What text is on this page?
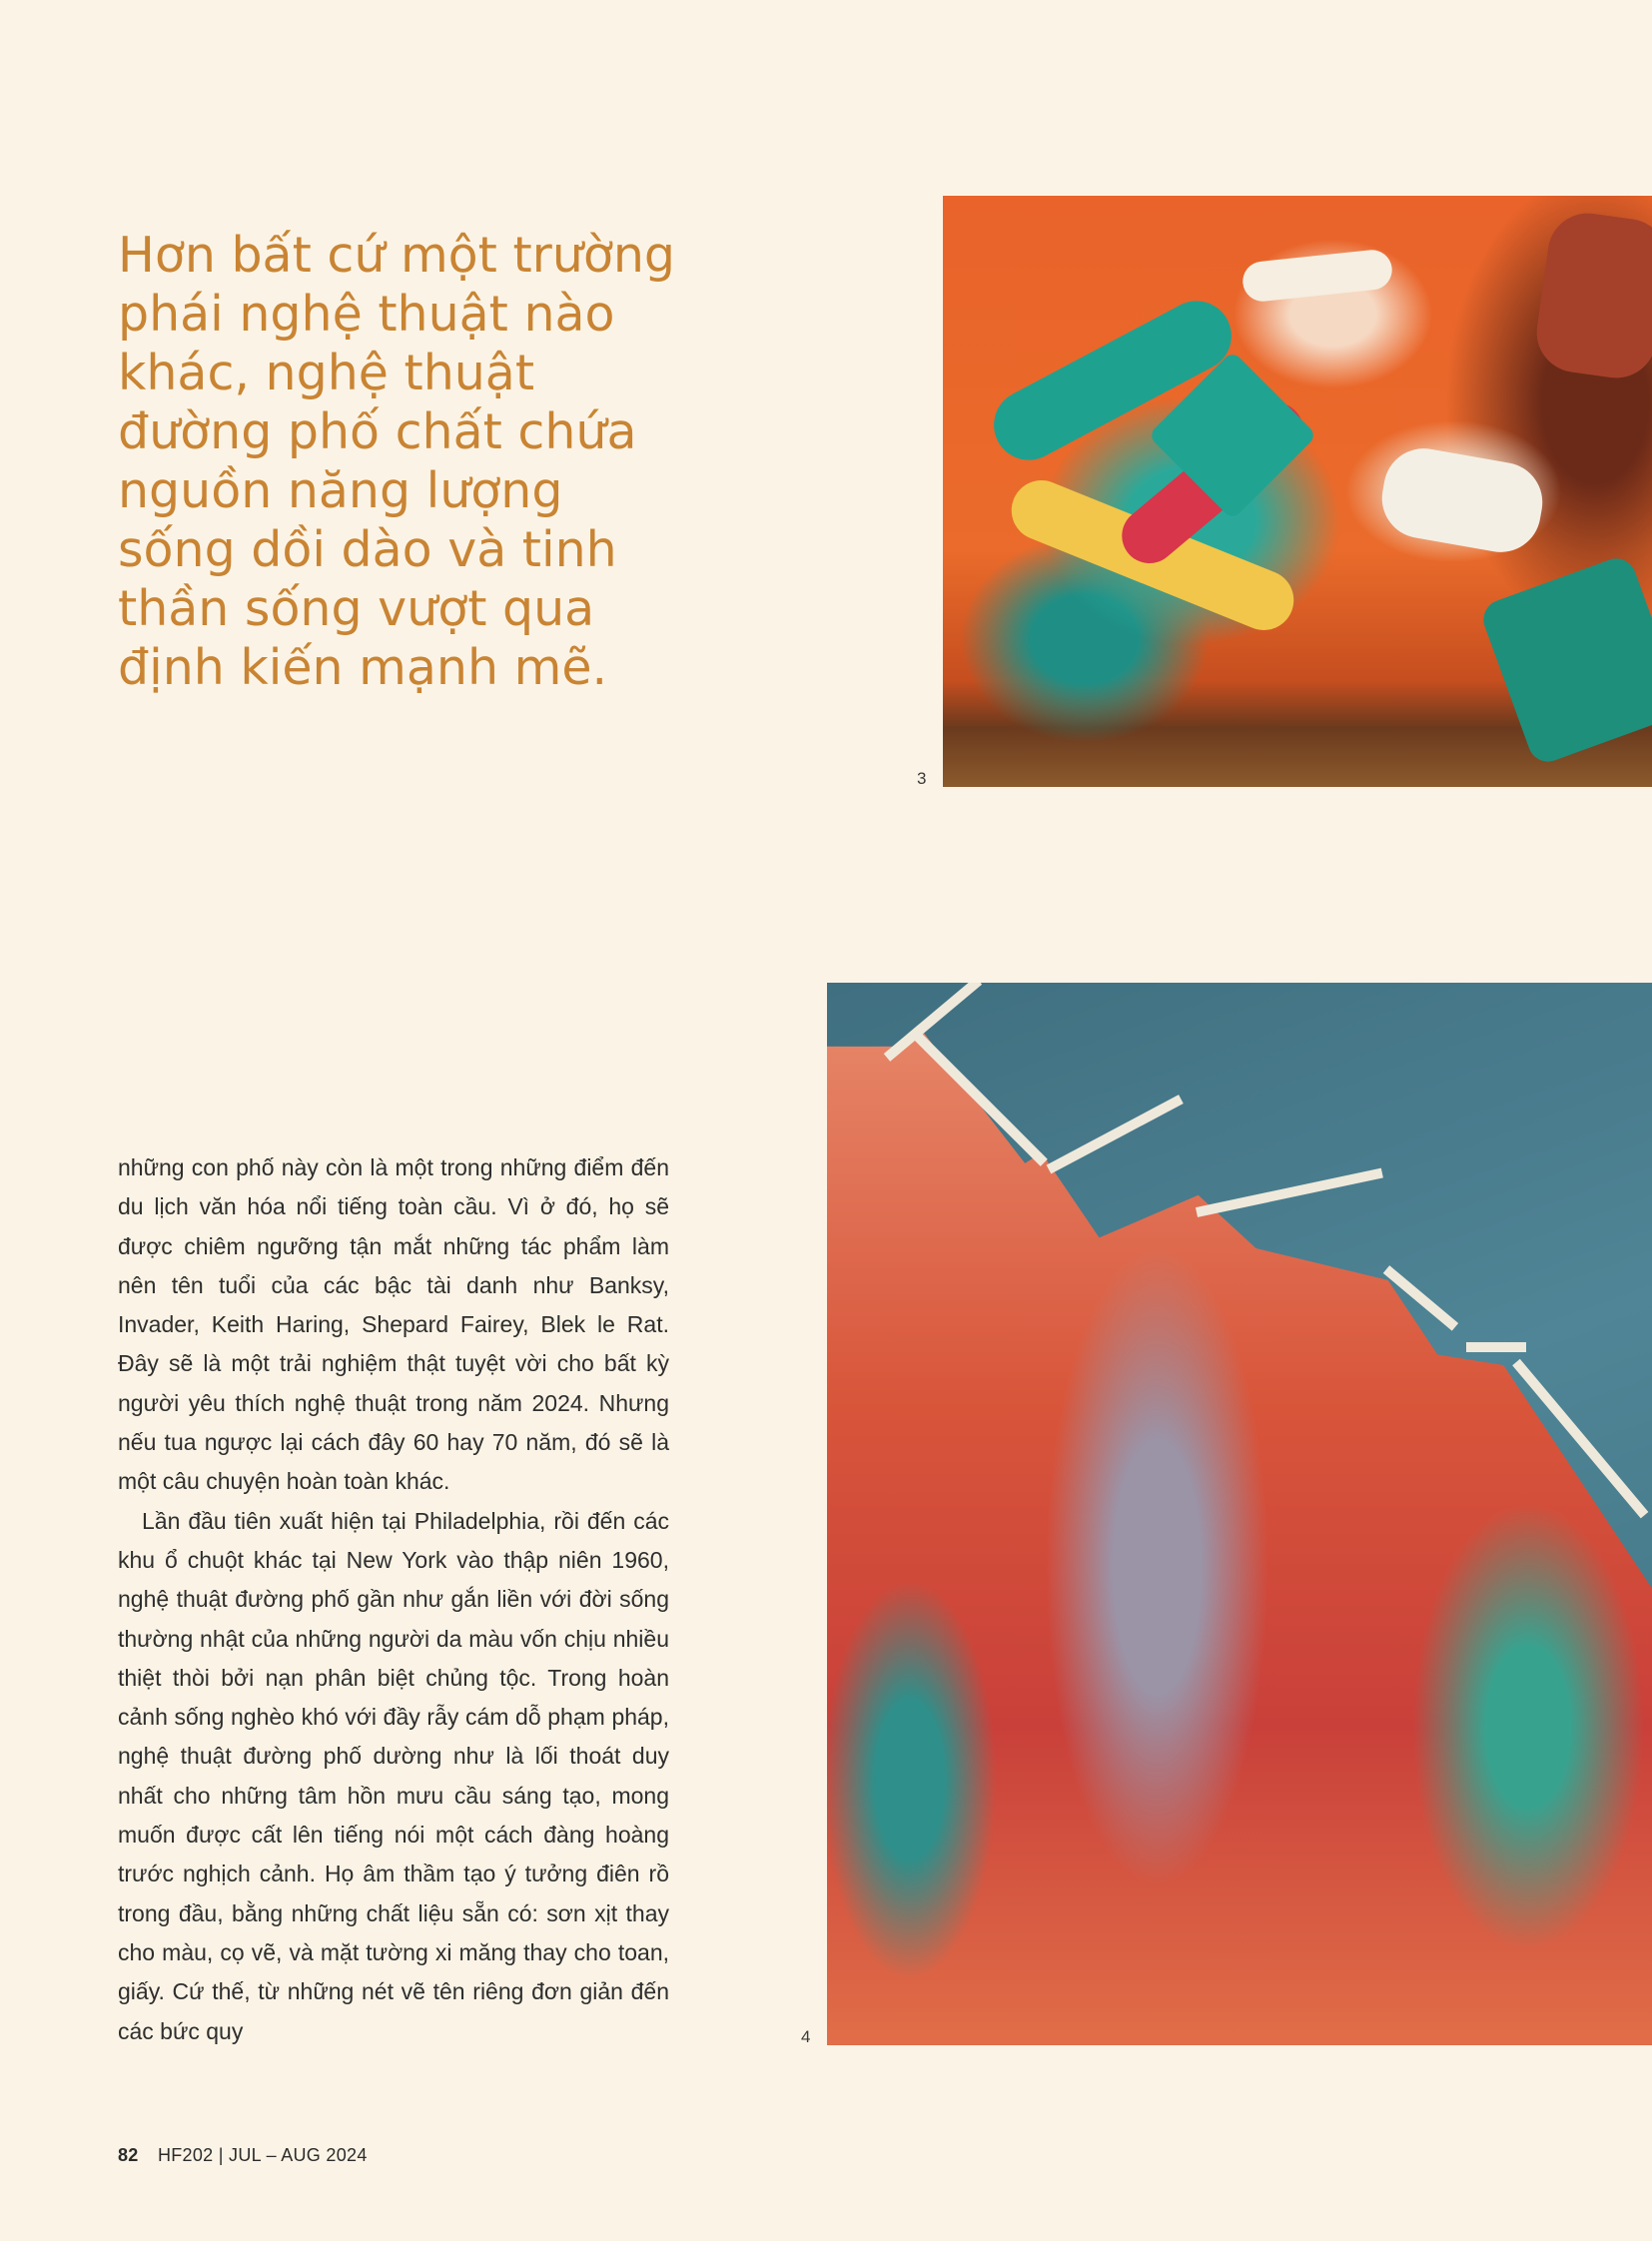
Hơn bất cứ một trường phái nghệ thuật nào khác, nghệ thuật đường phố chất chứa nguồn năng lượng sống dồi dào và tinh thần sống vượt qua định kiến mạnh mẽ.
3
4

những con phố này còn là một trong những điểm đến du lịch văn hóa nổi tiếng toàn cầu. Vì ở đó, họ sẽ được chiêm ngưỡng tận mắt những tác phẩm làm nên tên tuổi của các bậc tài danh như Banksy, Invader, Keith Haring, Shepard Fairey, Blek le Rat. Đây sẽ là một trải nghiệm thật tuyệt vời cho bất kỳ người yêu thích nghệ thuật trong năm 2024. Nhưng nếu tua ngược lại cách đây 60 hay 70 năm, đó sẽ là một câu chuyện hoàn toàn khác.

Lần đầu tiên xuất hiện tại Philadelphia, rồi đến các khu ổ chuột khác tại New York vào thập niên 1960, nghệ thuật đường phố gần như gắn liền với đời sống thường nhật của những người da màu vốn chịu nhiều thiệt thòi bởi nạn phân biệt chủng tộc. Trong hoàn cảnh sống nghèo khó với đầy rẫy cám dỗ phạm pháp, nghệ thuật đường phố dường như là lối thoát duy nhất cho những tâm hồn mưu cầu sáng tạo, mong muốn được cất lên tiếng nói một cách đàng hoàng trước nghịch cảnh. Họ âm thầm tạo ý tưởng điên rồ trong đầu, bằng những chất liệu sẵn có: sơn xịt thay cho màu, cọ vẽ, và mặt tường xi măng thay cho toan, giấy. Cứ thế, từ những nét vẽ tên riêng đơn giản đến các bức quy

82 HF202 | JUL – AUG 2024
